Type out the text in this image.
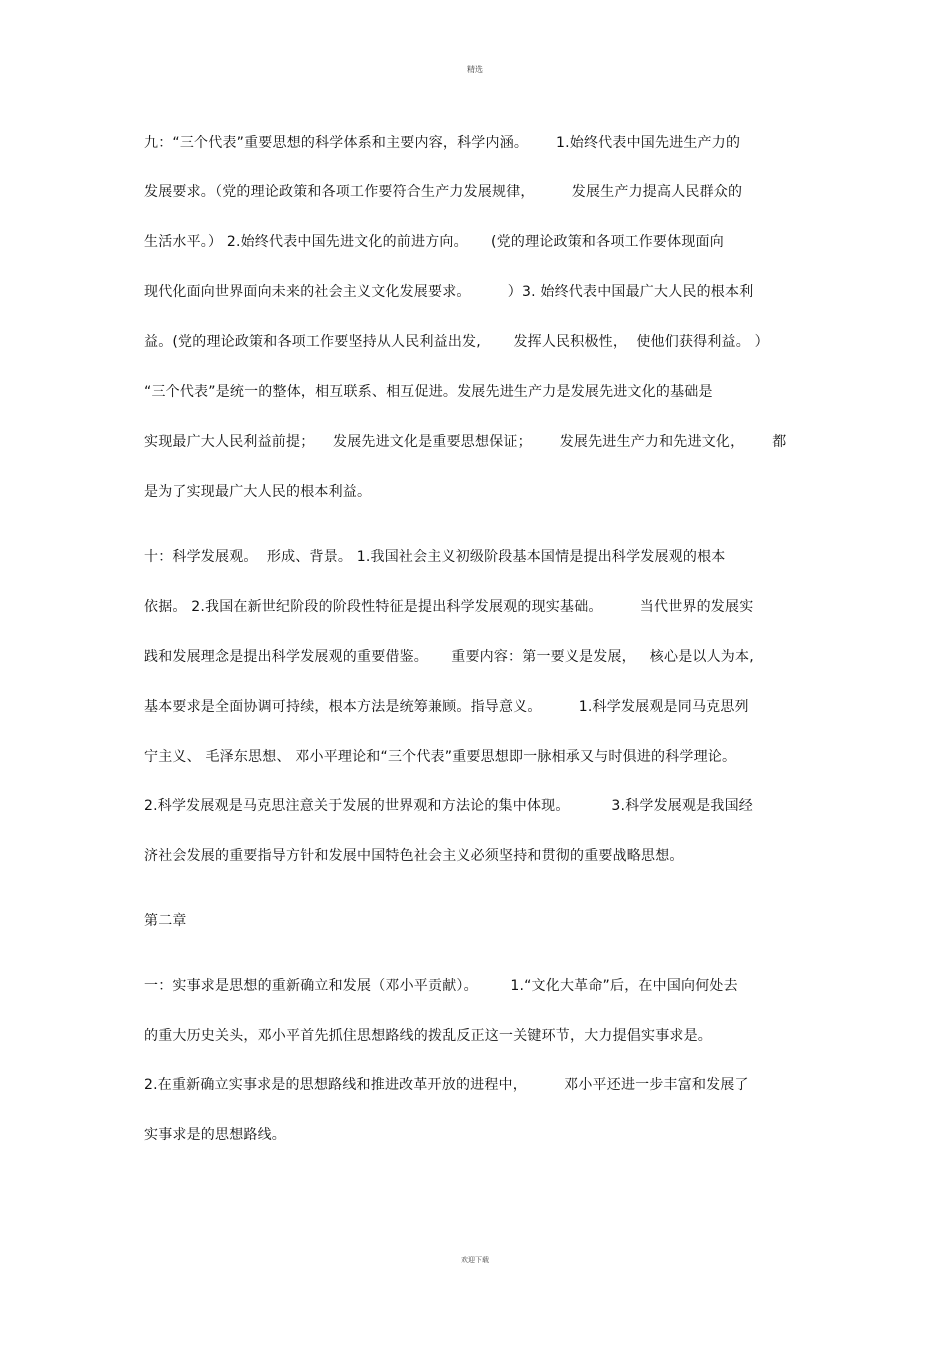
精选
九：“三个代表”重要思想的科学体系和主要内容，科学内涵。      1.始终代表中国先进生产力的
发展要求。（党的理论政策和各项工作要符合生产力发展规律，        发展生产力提高人民群众的
生活水平。） 2.始终代表中国先进文化的前进方向。     (党的理论政策和各项工作要体现面向
现代化面向世界面向未来的社会主义文化发展要求。        ）3. 始终代表中国最广大人民的根本利
益。(党的理论政策和各项工作要坚持从人民利益出发,       发挥人民积极性，  使他们获得利益。 ）
“三个代表”是统一的整体，相互联系、相互促进。发展先进生产力是发展先进文化的基础是
实现最广大人民利益前提；    发展先进文化是重要思想保证；      发展先进生产力和先进文化，      都
是为了实现最广大人民的根本利益。
十：科学发展观。  形成、背景。 1.我国社会主义初级阶段基本国情是提出科学发展观的根本
依据。 2.我国在新世纪阶段的阶段性特征是提出科学发展观的现实基础。        当代世界的发展实
践和发展理念是提出科学发展观的重要借鉴。     重要内容：第一要义是发展，   核心是以人为本,
基本要求是全面协调可持续，根本方法是统筹兼顾。指导意义。        1.科学发展观是同马克思列
宁主义、 毛泽东思想、 邓小平理论和“三个代表”重要思想即一脉相承又与时俱进的科学理论。
2.科学发展观是马克思注意关于发展的世界观和方法论的集中体现。         3.科学发展观是我国经
济社会发展的重要指导方针和发展中国特色社会主义必须坚持和贯彻的重要战略思想。
第二章
一：实事求是思想的重新确立和发展（邓小平贡献）。       1.“文化大革命”后，在中国向何处去
的重大历史关头，邓小平首先抓住思想路线的拨乱反正这一关键环节，大力提倡实事求是。
2.在重新确立实事求是的思想路线和推进改革开放的进程中，        邓小平还进一步丰富和发展了
实事求是的思想路线。
欢迎下载
